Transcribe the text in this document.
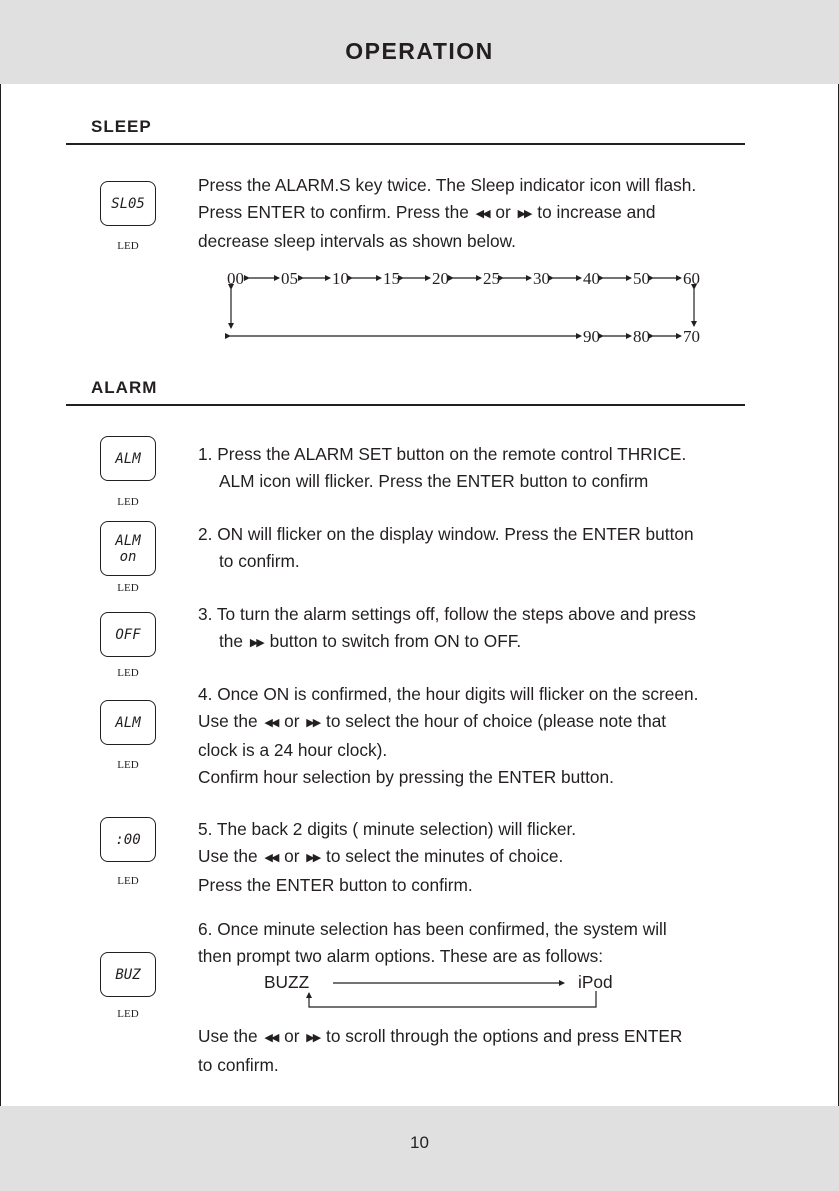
OPERATION
SLEEP
SL05
LED
Press the ALARM.S key twice. The Sleep indicator icon will flash.
Press ENTER to confirm. Press the ◀◀ or ▶▶ to increase and
decrease sleep intervals as shown below.
00 05 10 15 20 25 30 40 50 60
90 80 70
ALARM
ALM
LED
1. Press the ALARM SET button on the remote control THRICE.
ALM icon will flicker. Press the ENTER button to confirm
ALM
on
LED
2. ON will flicker on the display window. Press the ENTER button
to confirm.
OFF
LED
3. To turn the alarm settings off, follow the steps above and press
the ▶▶ button to switch from ON to OFF.
ALM
LED
4. Once ON is confirmed, the hour digits will flicker on the screen.
Use the ◀◀ or ▶▶ to select the hour of choice (please note that
clock is a 24 hour clock).
Confirm hour selection by pressing the ENTER button.
:00
LED
5. The back 2 digits ( minute selection) will flicker.
Use the ◀◀ or ▶▶ to select the minutes of choice.
Press the ENTER button to confirm.
BUZ
LED
6. Once minute selection has been confirmed, the system will
then prompt two alarm options. These are as follows:
BUZZ	iPod
Use the ◀◀ or ▶▶ to scroll through the options and press ENTER
to confirm.
10
